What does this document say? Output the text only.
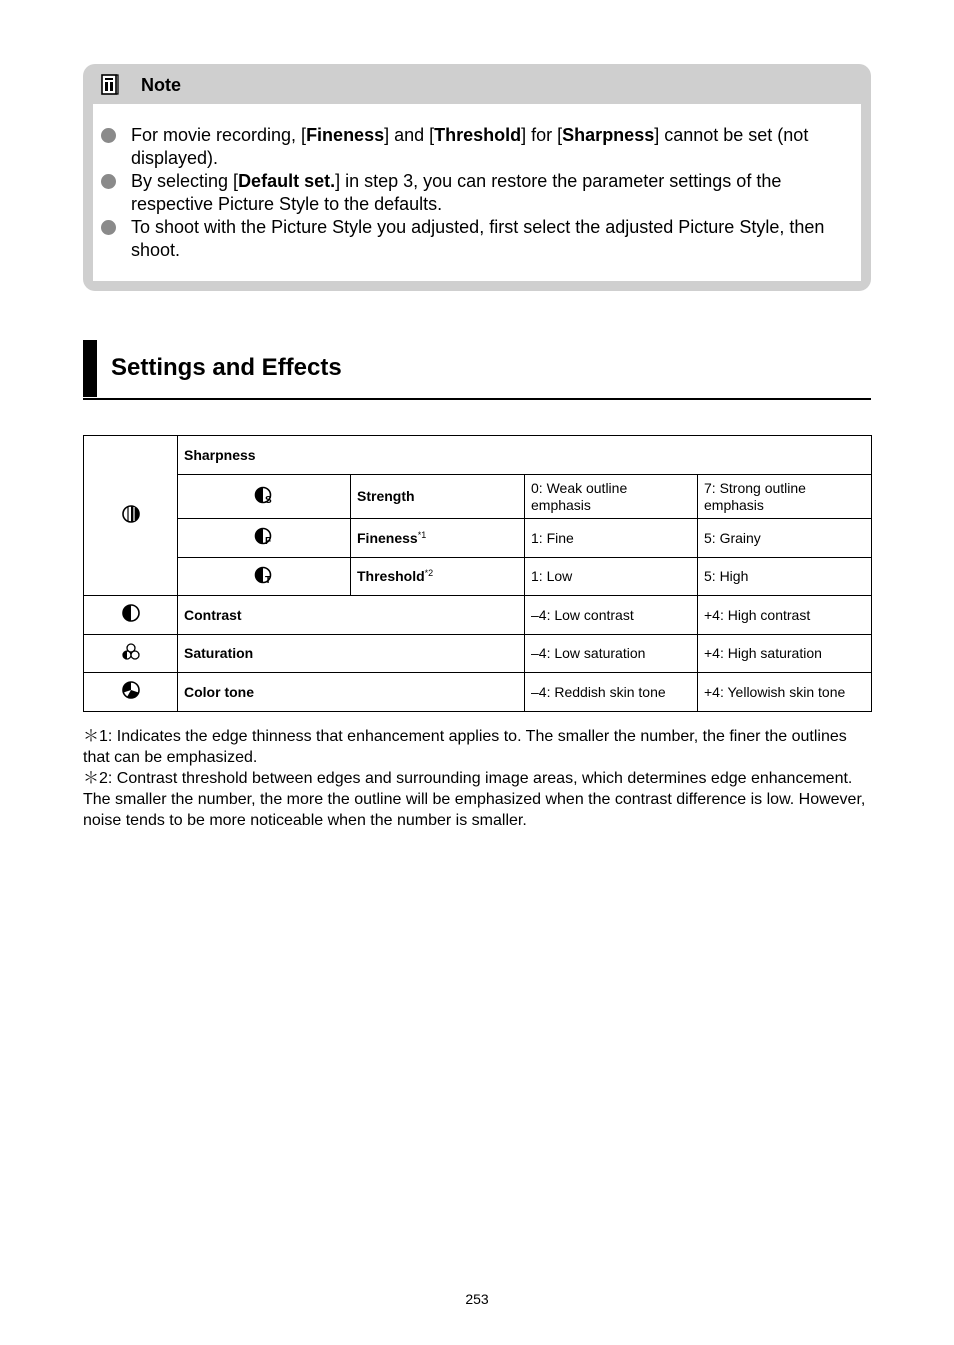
Note
For movie recording, [Fineness] and [Threshold] for [Sharpness] cannot be set (not displayed).
By selecting [Default set.] in step 3, you can restore the parameter settings of the respective Picture Style to the defaults.
To shoot with the Picture Style you adjusted, first select the adjusted Picture Style, then shoot.
Settings and Effects
	Sharpness			

S	Strength	0: Weak outline emphasis	7: Strong outline emphasis

F	Fineness$^{*1}$	1: Fine	5: Grainy

T	Threshold$^{*2}$	1: Low	5: High
	Contrast		–4: Low contrast	+4: High contrast
	Saturation		–4: Low saturation	+4: High saturation
	Color tone		–4: Reddish skin tone	+4: Yellowish skin tone

＊1: Indicates the edge thinness that enhancement applies to. The smaller the number, the finer the outlines that can be emphasized.

＊2: Contrast threshold between edges and surrounding image areas, which determines edge enhancement. The smaller the number, the more the outline will be emphasized when the contrast difference is low. However, noise tends to be more noticeable when the number is smaller.

253
